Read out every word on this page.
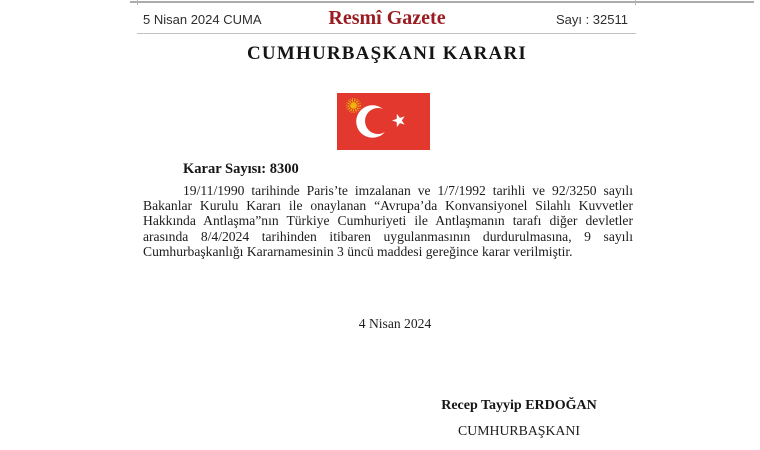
5 Nisan 2024 CUMA	Resmî Gazete	Sayı : 32511
CUMHURBAŞKANI KARARI
Karar Sayısı: 8300
19/11/1990 tarihinde Paris’te imzalanan ve 1/7/1992 tarihli ve 92/3250 sayılı Bakanlar Kurulu Kararı ile onaylanan “Avrupa’da Konvansiyonel Silahlı Kuvvetler Hakkında Antlaşma”nın Türkiye Cumhuriyeti ile Antlaşmanın tarafı diğer devletler arasında 8/4/2024 tarihinden itibaren uygulanmasının durdurulmasına, 9 sayılı Cumhurbaşkanlığı Kararnamesinin 3 üncü maddesi gereğince karar verilmiştir.
4 Nisan 2024
Recep Tayyip ERDOĞAN
CUMHURBAŞKANI
